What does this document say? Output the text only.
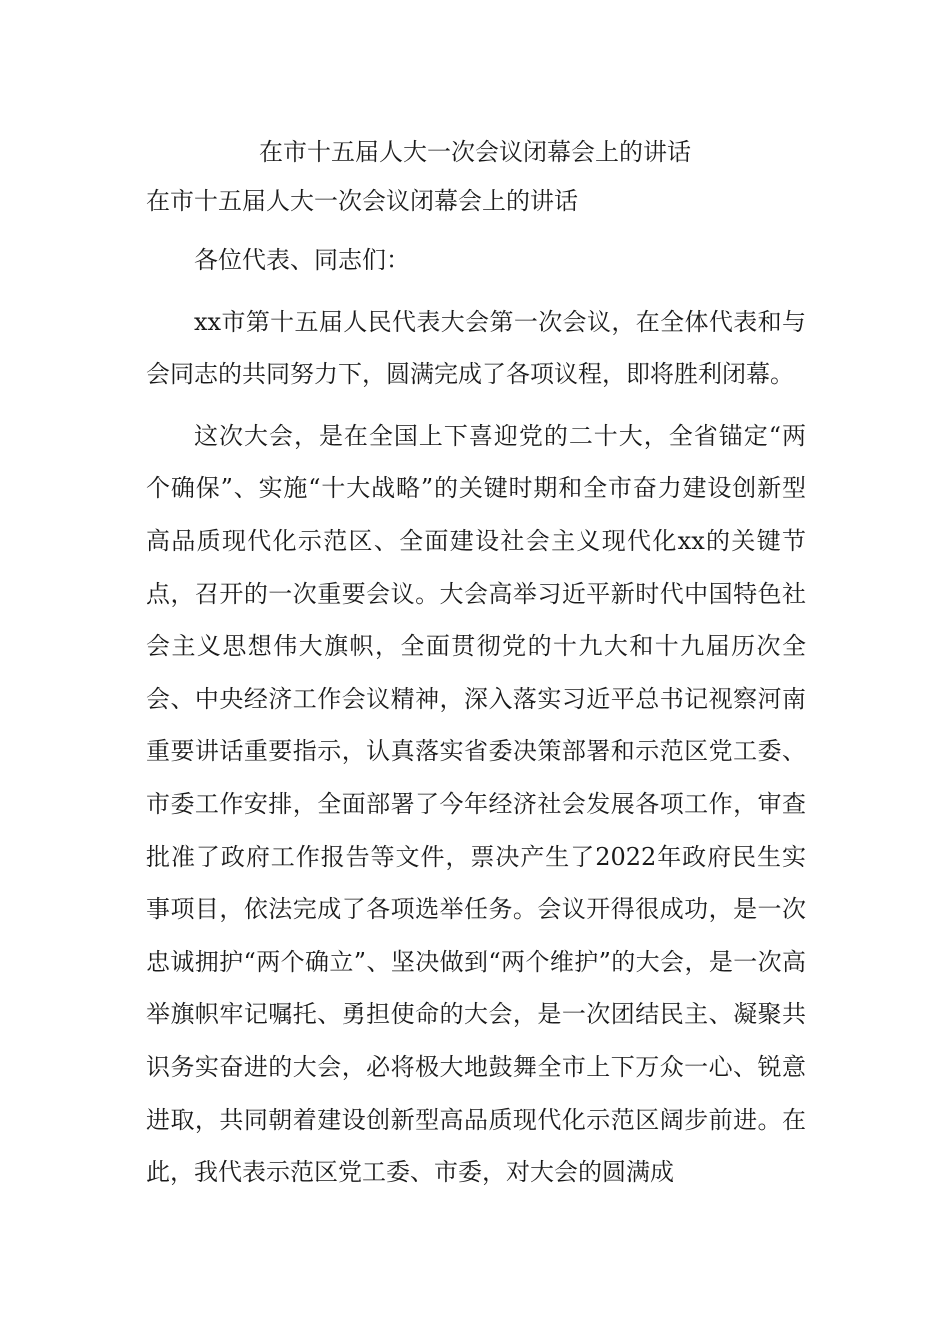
在市十五届人大一次会议闭幕会上的讲话
在市十五届人大一次会议闭幕会上的讲话

各位代表、同志们：

xx市第十五届人民代表大会第一次会议，在全体代表和与会同志的共同努力下，圆满完成了各项议程，即将胜利闭幕。

这次大会，是在全国上下喜迎党的二十大，全省锚定“两个确保”、实施“十大战略”的关键时期和全市奋力建设创新型高品质现代化示范区、全面建设社会主义现代化xx的关键节点，召开的一次重要会议。大会高举习近平新时代中国特色社会主义思想伟大旗帜，全面贯彻党的十九大和十九届历次全会、中央经济工作会议精神，深入落实习近平总书记视察河南重要讲话重要指示，认真落实省委决策部署和示范区党工委、市委工作安排，全面部署了今年经济社会发展各项工作，审查批准了政府工作报告等文件，票决产生了2022年政府民生实事项目，依法完成了各项选举任务。会议开得很成功，是一次忠诚拥护“两个确立”、坚决做到“两个维护”的大会，是一次高举旗帜牢记嘱托、勇担使命的大会，是一次团结民主、凝聚共识务实奋进的大会，必将极大地鼓舞全市上下万众一心、锐意进取，共同朝着建设创新型高品质现代化示范区阔步前进。在此，我代表示范区党工委、市委，对大会的圆满成
